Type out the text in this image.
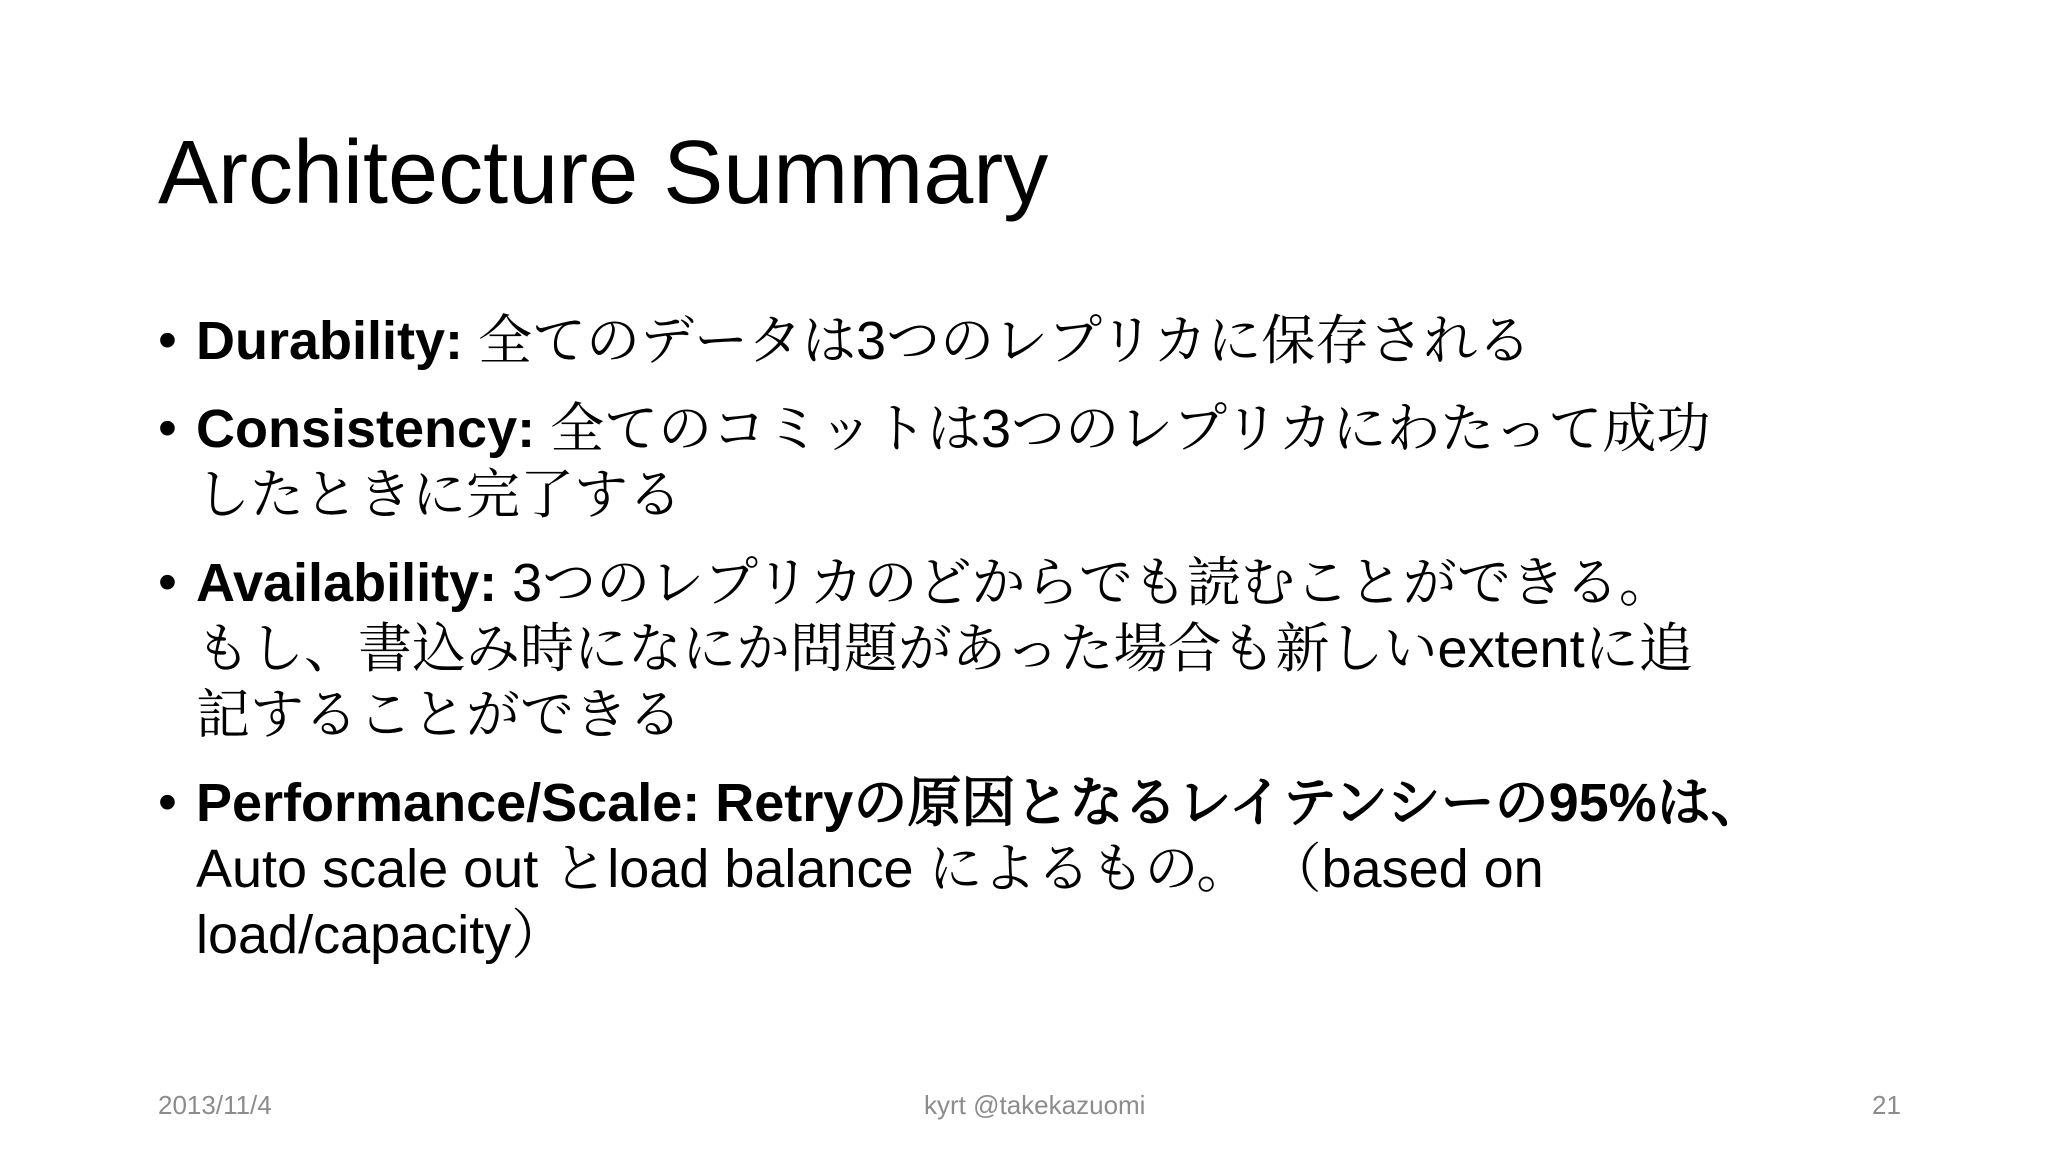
Architecture Summary
• Durability: 全てのデータは3つのレプリカに保存される
• Consistency: 全てのコミットは3つのレプリカにわたって成功
したときに完了する
• Availability: 3つのレプリカのどからでも読むことができる。
もし、書込み時になにか問題があった場合も新しいextentに追
記することができる
• Performance/Scale: Retryの原因となるレイテンシーの95%は、
Auto scale out とload balance によるもの。 （based on
load/capacity）
2013/11/4	kyrt @takekazuomi	21
